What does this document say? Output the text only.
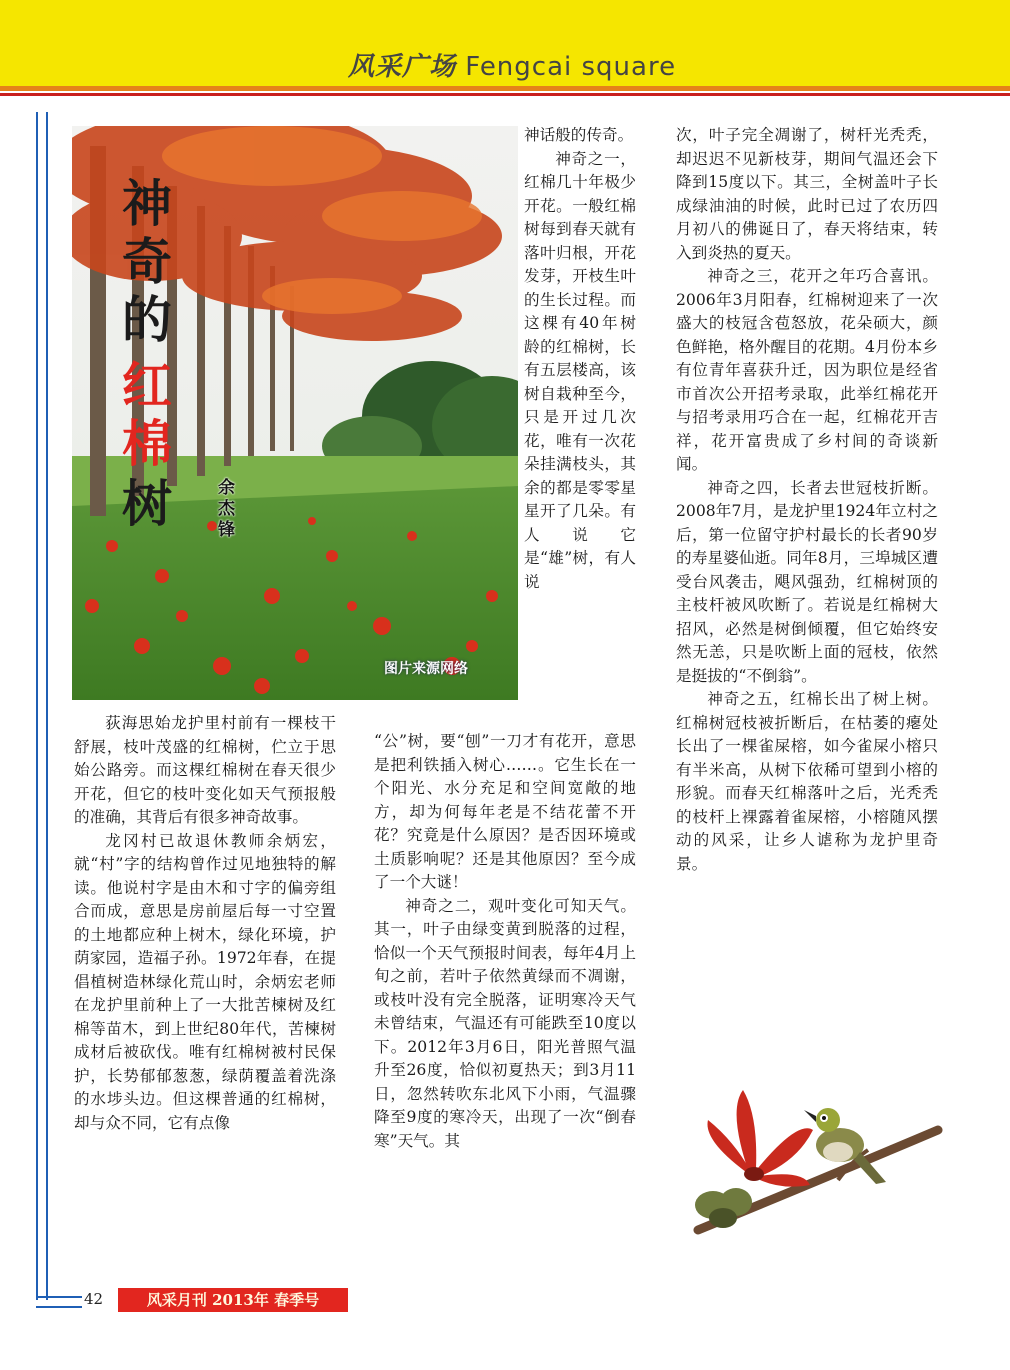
风采广场 Fengcai square
神
奇
的
红
棉
树	余杰锋
图片来源网络

荻海思始龙护里村前有一棵枝干舒展，枝叶茂盛的红棉树，伫立于思始公路旁。而这棵红棉树在春天很少开花，但它的枝叶变化如天气预报般的准确，其背后有很多神奇故事。

龙冈村已故退休教师余炳宏，就“村”字的结构曾作过见地独特的解读。他说村字是由木和寸字的偏旁组合而成，意思是房前屋后每一寸空置的土地都应种上树木，绿化环境，护荫家园，造福子孙。1972年春，在提倡植树造林绿化荒山时，余炳宏老师在龙护里前种上了一大批苦楝树及红棉等苗木，到上世纪80年代，苦楝树成材后被砍伐。唯有红棉树被村民保护，长势郁郁葱葱，绿荫覆盖着洗涤的水埗头边。但这棵普通的红棉树，却与众不同，它有点像

神话般的传奇。

神奇之一，红棉几十年极少开花。一般红棉树每到春天就有落叶归根，开花发芽，开枝生叶的生长过程。而这棵有40年树龄的红棉树，长有五层楼高，该树自栽种至今，只是开过几次花，唯有一次花朵挂满枝头，其余的都是零零星星开了几朵。有人说它是“雄”树，有人说

“公”树，要“刨”一刀才有花开，意思是把利铁插入树心……。它生长在一个阳光、水分充足和空间宽敞的地方，却为何每年老是不结花蕾不开花？究竟是什么原因？是否因环境或土质影响呢？还是其他原因？至今成了一个大谜！

神奇之二，观叶变化可知天气。其一，叶子由绿变黄到脱落的过程，恰似一个天气预报时间表，每年4月上旬之前，若叶子依然黄绿而不凋谢，或枝叶没有完全脱落，证明寒冷天气未曾结束，气温还有可能跌至10度以下。2012年3月6日，阳光普照气温升至26度，恰似初夏热天；到3月11日，忽然转吹东北风下小雨，气温骤降至9度的寒冷天，出现了一次“倒春寒”天气。其

次，叶子完全凋谢了，树杆光秃秃，却迟迟不见新枝芽，期间气温还会下降到15度以下。其三，全树盖叶子长成绿油油的时候，此时已过了农历四月初八的佛诞日了，春天将结束，转入到炎热的夏天。

神奇之三，花开之年巧合喜讯。2006年3月阳春，红棉树迎来了一次盛大的枝冠含苞怒放，花朵硕大，颜色鲜艳，格外醒目的花期。4月份本乡有位青年喜获升迁，因为职位是经省市首次公开招考录取，此举红棉花开与招考录用巧合在一起，红棉花开吉祥，花开富贵成了乡村间的奇谈新闻。

神奇之四，长者去世冠枝折断。2008年7月，是龙护里1924年立村之后，第一位留守护村最长的长者90岁的寿星婆仙逝。同年8月，三埠城区遭受台风袭击，飓风强劲，红棉树顶的主枝杆被风吹断了。若说是红棉树大招风，必然是树倒倾覆，但它始终安然无恙，只是吹断上面的冠枝，依然是挺拔的“不倒翁”。

神奇之五，红棉长出了树上树。红棉树冠枝被折断后，在枯萎的瘪处长出了一棵雀屎榕，如今雀屎小榕只有半米高，从树下依稀可望到小榕的形貌。而春天红棉落叶之后，光秃秃的枝杆上裸露着雀屎榕，小榕随风摆动的风采，让乡人谑称为龙护里奇景。

42	风采月刊 2013年 春季号
